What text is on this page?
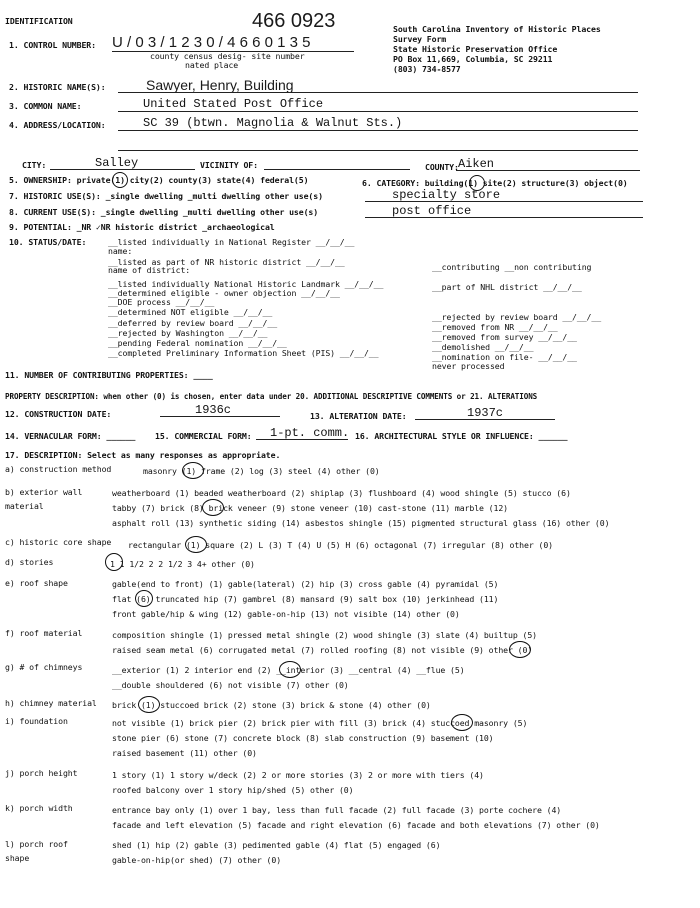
IDENTIFICATION	466 0923	South Carolina Inventory of Historic Places
Survey Form
State Historic Preservation Office
PO Box 11,669, Columbia, SC 29211
(803) 734-8577
1. CONTROL NUMBER: U / 0 3 / 1 2 3 0 / 4 6 6 0 1 3 5
county census desig- site number
nated place
2. HISTORIC NAME(S):	Sawyer, Henry, Building
3. COMMON NAME:	United Stated Post Office
4. ADDRESS/LOCATION:	SC 39 (btwn. Magnolia & Walnut Sts.)
CITY:	Salley	VICINITY OF:	COUNTY: Aiken
5. OWNERSHIP: private(1) city(2) county(3) state(4) federal(5)	6. CATEGORY: building(1) site(2) structure(3) object(0)
7. HISTORIC USE(S): _single dwelling _multi dwelling other use(s)	specialty store
8. CURRENT USE(S): _single dwelling _multi dwelling other use(s)	post office
9. POTENTIAL: _NR ✓NR historic district _archaeological
10. STATUS/DATE:	__listed individually in National Register __/__/__
name:
__listed as part of NR historic district __/__/__
name of district:
__listed individually National Historic Landmark __/__/__
__determined eligible - owner objection __/__/__
__DOE process __/__/__
__determined NOT eligible __/__/__
__deferred by review board __/__/__
__rejected by Washington __/__/__
__pending Federal nomination __/__/__
__completed Preliminary Information Sheet (PIS) __/__/__
__contributing __non contributing
__part of NHL district __/__/__
__rejected by review board __/__/__
__removed from NR __/__/__
__removed from survey __/__/__
__demolished __/__/__
__nomination on file- __/__/__
never processed
11. NUMBER OF CONTRIBUTING PROPERTIES: ____
PROPERTY DESCRIPTION: when other (0) is chosen, enter data under 20. ADDITIONAL DESCRIPTIVE COMMENTS or 21. ALTERATIONS
12. CONSTRUCTION DATE:	1936c	13. ALTERATION DATE:	1937c
14. VERNACULAR FORM: ______ 15. COMMERCIAL FORM: 1-pt. comm. 16. ARCHITECTURAL STYLE OR INFLUENCE: ______
17. DESCRIPTION: Select as many responses as appropriate.
a) construction method	masonry (1) frame (2) log (3) steel (4) other (0)
b) exterior wall
material
weatherboard (1) beaded weatherboard (2) shiplap (3) flushboard (4) wood shingle (5) stucco (6)
tabby (7) brick (8) brick veneer (9) stone veneer (10) cast-stone (11) marble (12)
asphalt roll (13) synthetic siding (14) asbestos shingle (15) pigmented structural glass (16) other (0)
c) historic core shape rectangular (1) square (2) L (3) T (4) U (5) H (6) octagonal (7) irregular (8) other (0)
d) stories	1 1 1/2 2 2 1/2 3 4+ other (0)
e) roof shape	gable(end to front) (1) gable(lateral) (2) hip (3) cross gable (4) pyramidal (5)
flat (6) truncated hip (7) gambrel (8) mansard (9) salt box (10) jerkinhead (11)
front gable/hip & wing (12) gable-on-hip (13) not visible (14) other (0)
f) roof material	composition shingle (1) pressed metal shingle (2) wood shingle (3) slate (4) builtup (5)
raised seam metal (6) corrugated metal (7) rolled roofing (8) not visible (9) other (0)
g) # of chimneys	__exterior (1) 2 interior end (2) __interior (3) __central (4) __flue (5)
__double shouldered (6) not visible (7) other (0)
h) chimney material brick (1) stuccoed brick (2) stone (3) brick & stone (4) other (0)
i) foundation	not visible (1) brick pier (2) brick pier with fill (3) brick (4) stuccoed masonry (5)
stone pier (6) stone (7) concrete block (8) slab construction (9) basement (10)
raised basement (11) other (0)
j) porch height	1 story (1) 1 story w/deck (2) 2 or more stories (3) 2 or more with tiers (4)
roofed balcony over 1 story hip/shed (5) other (0)
k) porch width	entrance bay only (1) over 1 bay, less than full facade (2) full facade (3) porte cochere (4)
facade and left elevation (5) facade and right elevation (6) facade and both elevations (7) other (0)
l) porch roof
shape
shed (1) hip (2) gable (3) pedimented gable (4) flat (5) engaged (6)
gable-on-hip(or shed) (7) other (0)
